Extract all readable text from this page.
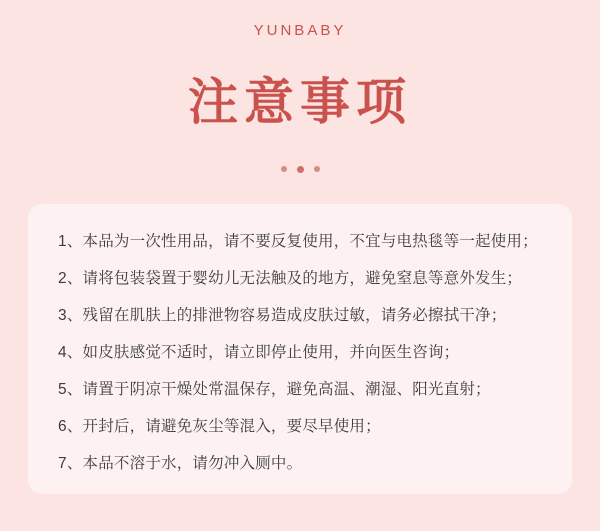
YUNBABY
注意事项
1、 本品为一次性用品，请不要反复使用，不宜与电热毯等一起使用；
2、 请将包装袋置于婴幼儿无法触及的地方，避免窒息等意外发生；
3、 残留在肌肤上的排泄物容易造成皮肤过敏，请务必擦拭干净；
4、 如皮肤感觉不适时，请立即停止使用，并向医生咨询；
5、 请置于阴凉干燥处常温保存，避免高温、潮湿、阳光直射；
6、 开封后，请避免灰尘等混入，要尽早使用；
7、 本品不溶于水，请勿冲入厕中。
